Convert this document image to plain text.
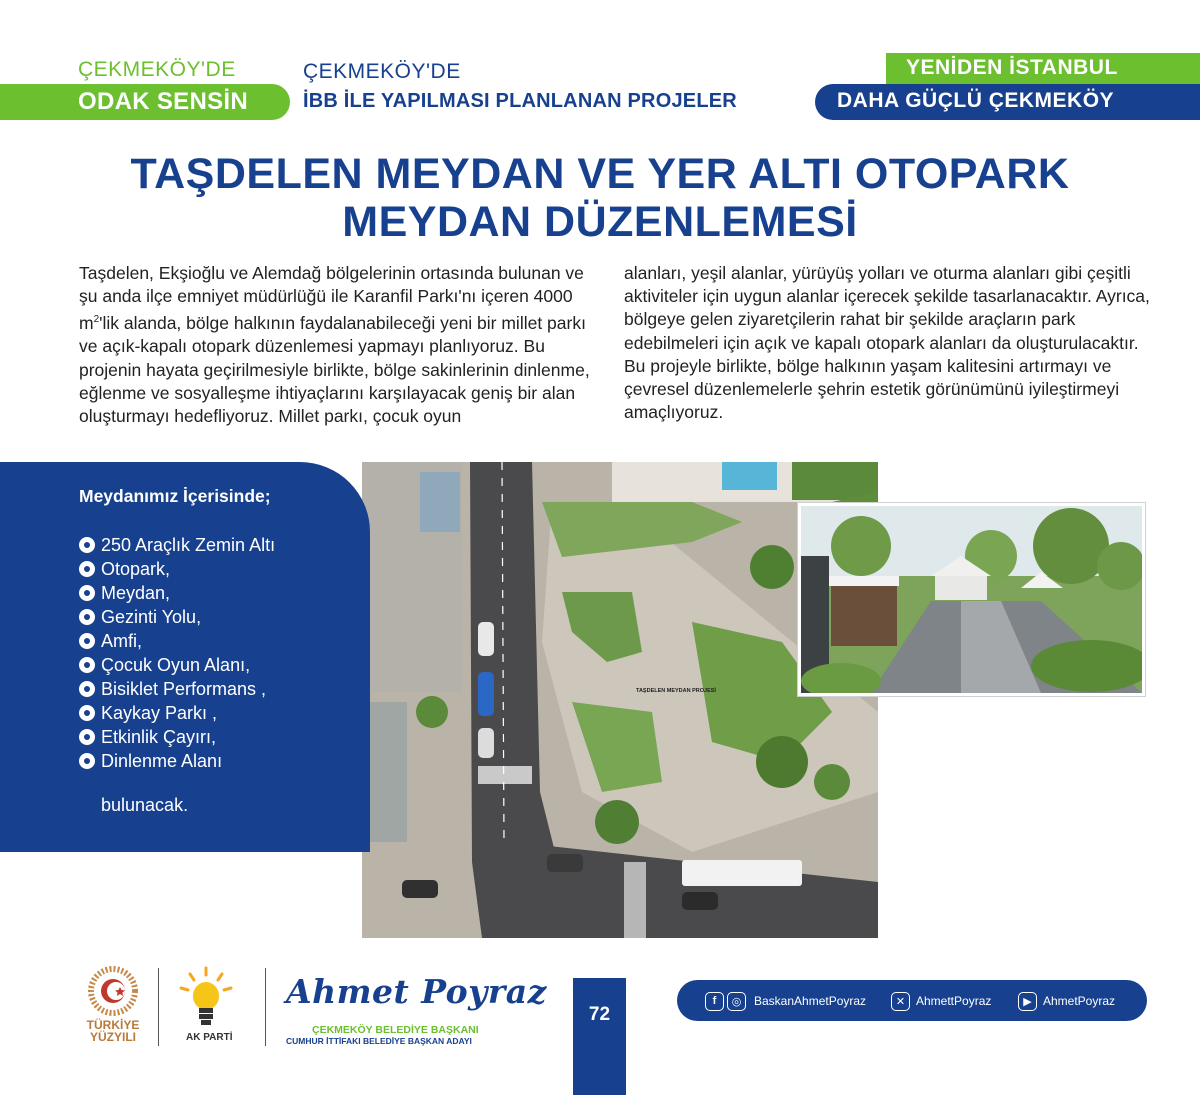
ÇEKMEKÖY'DE
ODAK SENSİN
ÇEKMEKÖY'DE
İBB İLE YAPILMASI PLANLANAN PROJELER
YENİDEN İSTANBUL
DAHA GÜÇLÜ ÇEKMEKÖY
TAŞDELEN MEYDAN VE YER ALTI OTOPARK
MEYDAN DÜZENLEMESİ
Taşdelen, Ekşioğlu ve Alemdağ bölgelerinin ortasında bulunan ve şu anda ilçe emniyet müdürlüğü ile Karanfil Parkı'nı içeren 4000 $m^2'lik$ alanda, bölge halkının faydalanabileceği yeni bir millet parkı ve açık-kapalı otopark düzenlemesi yapmayı planlıyoruz. Bu projenin hayata geçirilmesiyle birlikte, bölge sakinlerinin dinlenme, eğlenme ve sosyalleşme ihtiyaçlarını karşılayacak geniş bir alan oluşturmayı hedefliyoruz. Millet parkı, çocuk oyun
alanları, yeşil alanlar, yürüyüş yolları ve oturma alanları gibi çeşitli aktiviteler için uygun alanlar içerecek şekilde tasarlanacaktır. Ayrıca, bölgeye gelen ziyaretçilerin rahat bir şekilde araçların park edebilmeleri için açık ve kapalı otopark alanları da oluşturulacaktır. Bu projeyle birlikte, bölge halkının yaşam kalitesini artırmayı ve çevresel düzenlemelerle şehrin estetik görünümünü iyileştirmeyi amaçlıyoruz.
TAŞDELEN MEYDAN PROJESİ
Meydanımız İçerisinde;
250 Araçlık Zemin Altı
Otopark,
Meydan,
Gezinti Yolu,
Amfi,
Çocuk Oyun Alanı,
Bisiklet Performans ,
Kaykay Parkı ,
Etkinlik Çayırı,
Dinlenme Alanı
bulunacak.
TÜRKİYE
YÜZYILI	AK PARTİ
Ahmet Poyraz
ÇEKMEKÖY BELEDİYE BAŞKANI
CUMHUR İTTİFAKI BELEDİYE BAŞKAN ADAYI
72
f	◎	BaskanAhmetPoyraz	✕ AhmettPoyraz	▶ AhmetPoyraz
